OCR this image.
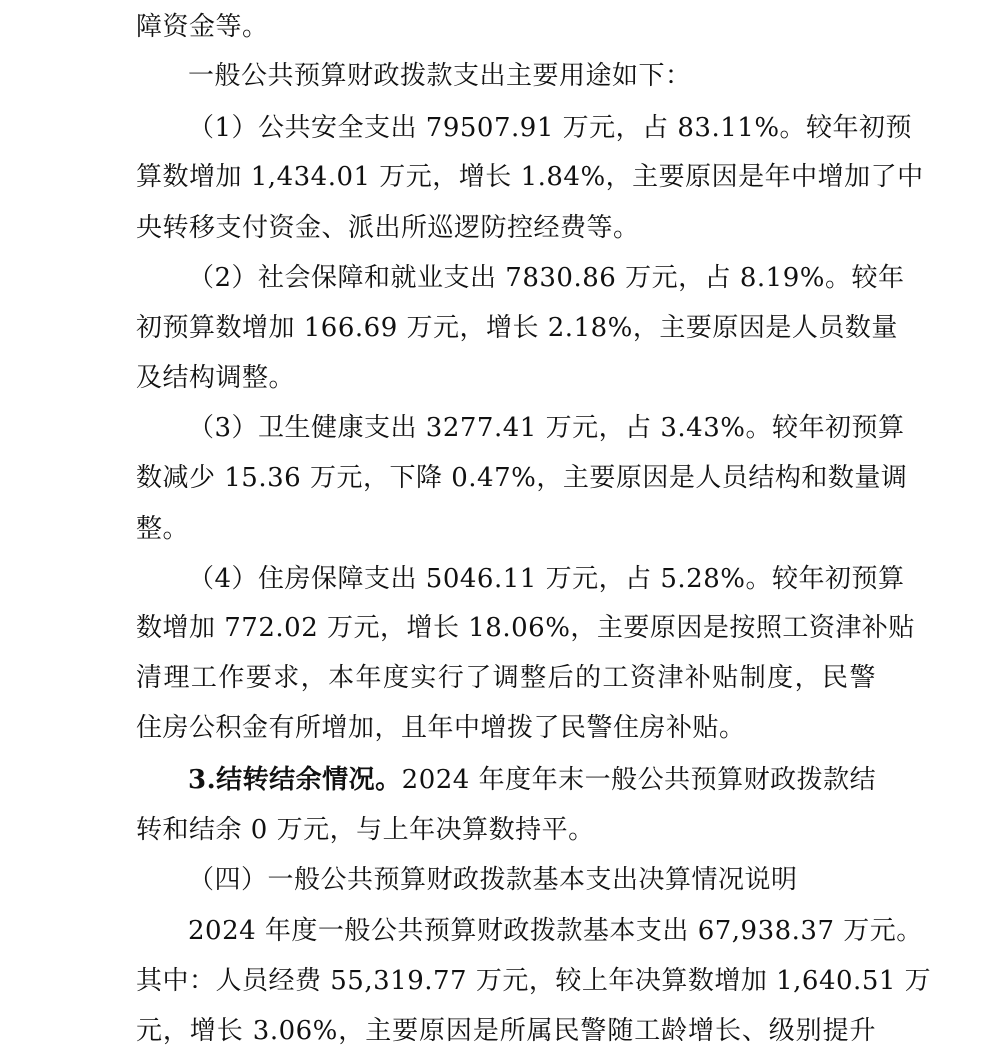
障资金等。
一般公共预算财政拨款支出主要用途如下：
（1）公共安全支出 79507.91 万元，占 83.11%。较年初预
算数增加 1,434.01 万元，增长 1.84%，主要原因是年中增加了中
央转移支付资金、派出所巡逻防控经费等。
（2）社会保障和就业支出 7830.86 万元，占 8.19%。较年
初预算数增加 166.69 万元，增长 2.18%，主要原因是人员数量
及结构调整。
（3）卫生健康支出 3277.41 万元，占 3.43%。较年初预算
数减少 15.36 万元，下降 0.47%，主要原因是人员结构和数量调
整。
（4）住房保障支出 5046.11 万元，占 5.28%。较年初预算
数增加 772.02 万元，增长 18.06%，主要原因是按照工资津补贴
清理工作要求，本年度实行了调整后的工资津补贴制度，民警
住房公积金有所增加，且年中增拨了民警住房补贴。
3.结转结余情况。2024 年度年末一般公共预算财政拨款结
转和结余 0 万元，与上年决算数持平。
（四）一般公共预算财政拨款基本支出决算情况说明
2024 年度一般公共预算财政拨款基本支出 67,938.37 万元。
其中：人员经费 55,319.77 万元，较上年决算数增加 1,640.51 万
元，增长 3.06%，主要原因是所属民警随工龄增长、级别提升
